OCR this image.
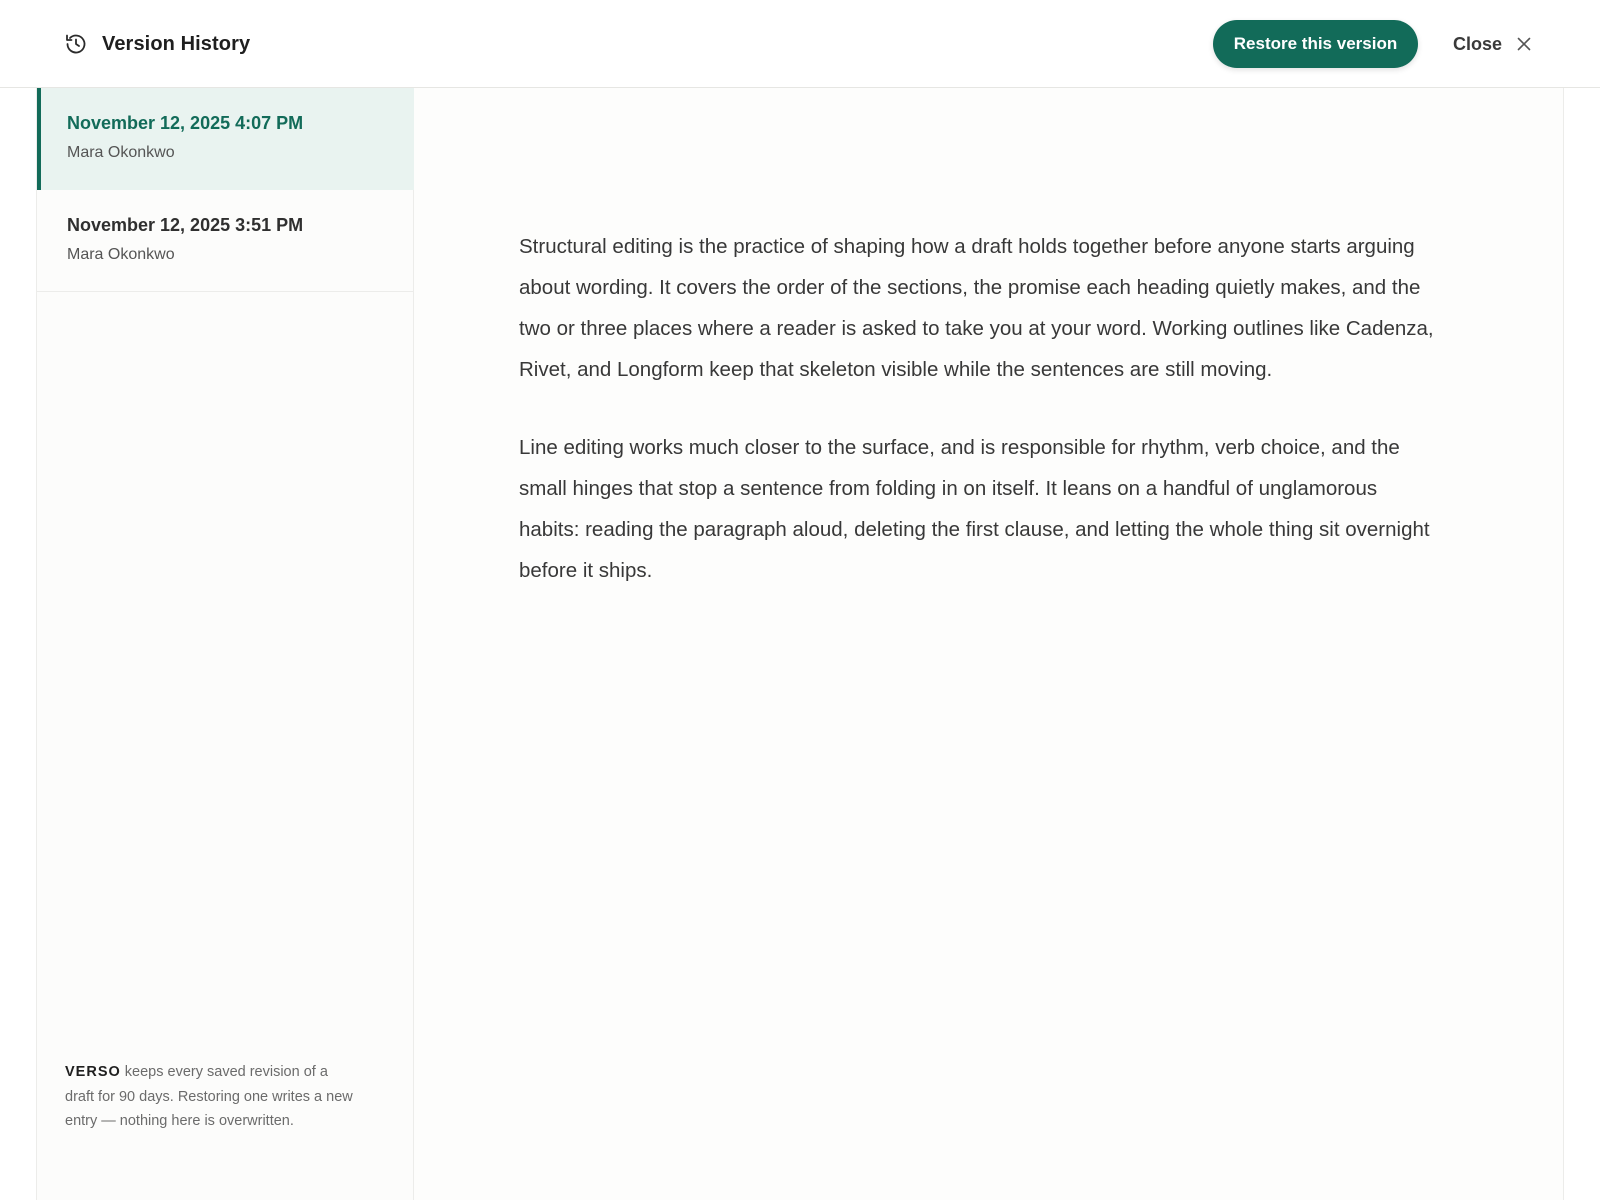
Version History	Restore this version	Close
November 12, 2025 4:07 PM
Mara Okonkwo
November 12, 2025 3:51 PM
Mara Okonkwo

VERSO keeps every saved revision of a draft for 90 days. Restoring one writes a new entry — nothing here is overwritten.

Structural editing is the practice of shaping how a draft holds together before anyone starts arguing about wording. It covers the order of the sections, the promise each heading quietly makes, and the two or three places where a reader is asked to take you at your word. Working outlines like Cadenza, Rivet, and Longform keep that skeleton visible while the sentences are still moving.

Line editing works much closer to the surface, and is responsible for rhythm, verb choice, and the small hinges that stop a sentence from folding in on itself. It leans on a handful of unglamorous habits: reading the paragraph aloud, deleting the first clause, and letting the whole thing sit overnight before it ships.
